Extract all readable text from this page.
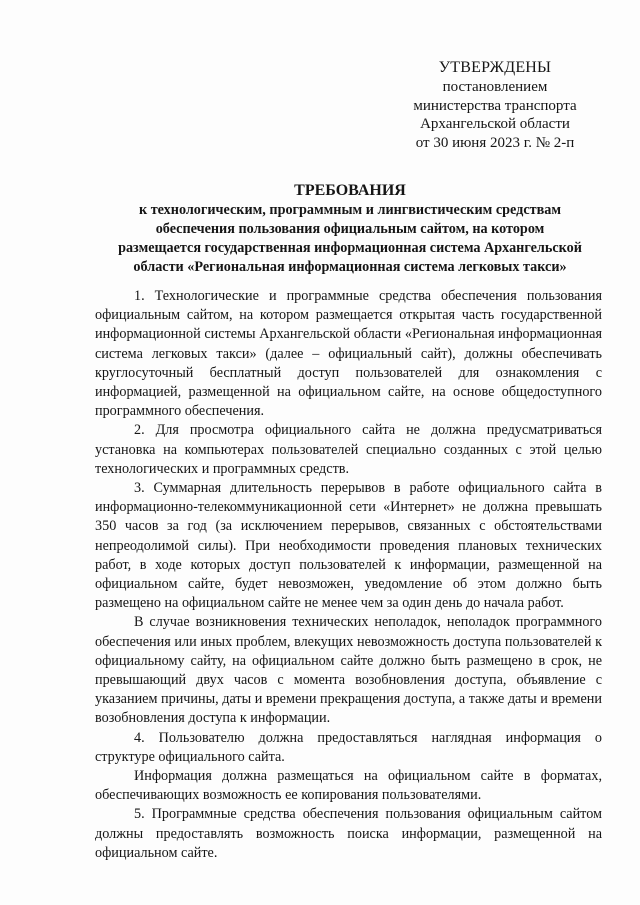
УТВЕРЖДЕНЫ
постановлением
министерства транспорта
Архангельской области
от 30 июня 2023 г. № 2-п
ТРЕБОВАНИЯ
к технологическим, программным и лингвистическим средствам
обеспечения пользования официальным сайтом, на котором
размещается государственная информационная система Архангельской
области «Региональная информационная система легковых такси»

1. Технологические и программные средства обеспечения пользования официальным сайтом, на котором размещается открытая часть государственной информационной системы Архангельской области «Региональная информационная система легковых такси» (далее – официальный сайт), должны обеспечивать круглосуточный бесплатный доступ пользователей для ознакомления с информацией, размещенной на официальном сайте, на основе общедоступного программного обеспечения.

2. Для просмотра официального сайта не должна предусматриваться установка на компьютерах пользователей специально созданных с этой целью технологических и программных средств.

3. Суммарная длительность перерывов в работе официального сайта в информационно-телекоммуникационной сети «Интернет» не должна превышать 350 часов за год (за исключением перерывов, связанных с обстоятельствами непреодолимой силы). При необходимости проведения плановых технических работ, в ходе которых доступ пользователей к информации, размещенной на официальном сайте, будет невозможен, уведомление об этом должно быть размещено на официальном сайте не менее чем за один день до начала работ.

В случае возникновения технических неполадок, неполадок программного обеспечения или иных проблем, влекущих невозможность доступа пользователей к официальному сайту, на официальном сайте должно быть размещено в срок, не превышающий двух часов с момента возобновления доступа, объявление с указанием причины, даты и времени прекращения доступа, а также даты и времени возобновления доступа к информации.

4. Пользователю должна предоставляться наглядная информация о структуре официального сайта.

Информация должна размещаться на официальном сайте в форматах, обеспечивающих возможность ее копирования пользователями.

5. Программные средства обеспечения пользования официальным сайтом должны предоставлять возможность поиска информации, размещенной на официальном сайте.
